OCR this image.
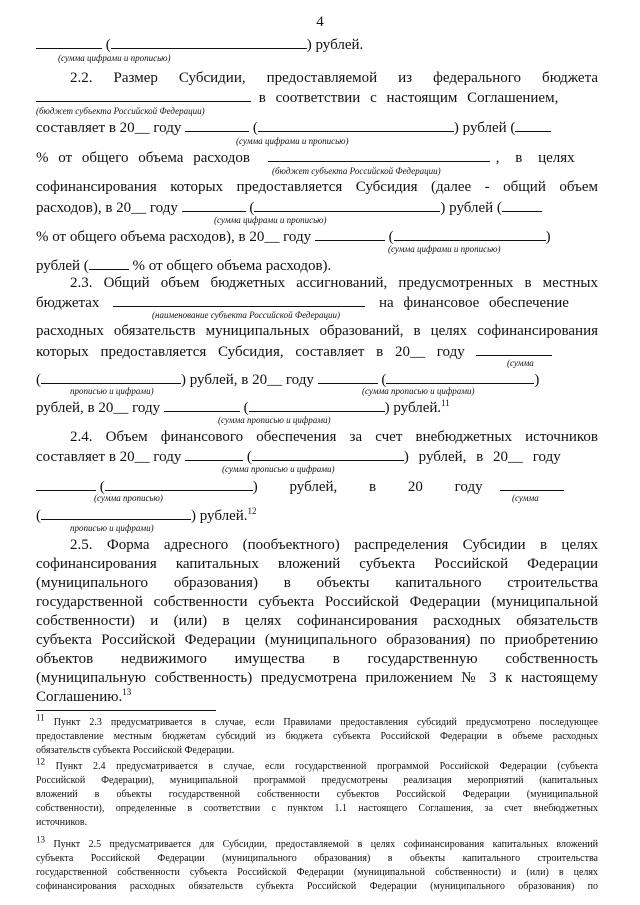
4
(	) рублей.
(сумма цифрами и прописью)
2.2. Размер Субсидии, предоставляемой из федерального бюджета
в соответствии с настоящим Соглашением,
(бюджет субъекта Российской Федерации)
составляет в 20__ году	(	) рублей (
(сумма цифрами и прописью)
% от общего объема расходов	, в целях
(бюджет субъекта Российской Федерации)
софинансирования которых предоставляется Субсидия (далее - общий объем
расходов), в 20__ году	(	) рублей (
(сумма цифрами и прописью)
% от общего объема расходов), в 20__ году	(	)
(сумма цифрами и прописью)
рублей (	% от общего объема расходов).
2.3. Общий объем бюджетных ассигнований, предусмотренных в местных
бюджетах	на финансовое обеспечение
(наименование субъекта Российской Федерации)
расходных обязательств муниципальных образований, в целях софинансирования
которых предоставляется Субсидия, составляет в 20__ году
(сумма
(	) рублей, в 20__ году	(	)
прописью и цифрами)	(сумма прописью и цифрами)
рублей, в 20__ году	(	) рублей.$^{11}$
(сумма прописью и цифрами)
2.4. Объем финансового обеспечения за счет внебюджетных источников
составляет в 20__ году	(	) рублей, в 20__ году
(сумма прописью и цифрами)
(	) рублей, в 20 году
(сумма прописью)	(сумма
(	) рублей.$^{12}$
прописью и цифрами)
2.5. Форма адресного (пообъектного) распределения Субсидии в целях
софинансирования капитальных вложений субъекта Российской Федерации
(муниципального образования) в объекты капитального строительства
государственной собственности субъекта Российской Федерации (муниципальной
собственности) и (или) в целях софинансирования расходных обязательств
субъекта Российской Федерации (муниципального образования) по приобретению
объектов недвижимого имущества в государственную собственность
(муниципальную собственность) предусмотрена приложением № 3 к настоящему
Соглашению.$^{13}$
11 Пункт 2.3 предусматривается в случае, если Правилами предоставления субсидий предусмотрено последующее
предоставление местным бюджетам субсидий из бюджета субъекта Российской Федерации в объеме расходных
обязательств субъекта Российской Федерации.
12 Пункт 2.4 предусматривается в случае, если государственной программой Российской Федерации (субъекта
Российской Федерации), муниципальной программой предусмотрены реализация мероприятий (капитальных
вложений в объекты государственной собственности субъектов Российской Федерации (муниципальной
собственности), определенные в соответствии с пунктом 1.1 настоящего Соглашения, за счет внебюджетных
источников.
13 Пункт 2.5 предусматривается для Субсидии, предоставляемой в целях софинансирования капитальных вложений
субъекта Российской Федерации (муниципального образования) в объекты капитального строительства
государственной собственности субъекта Российской Федерации (муниципальной собственности) и (или) в целях
софинансирования расходных обязательств субъекта Российской Федерации (муниципального образования) по
